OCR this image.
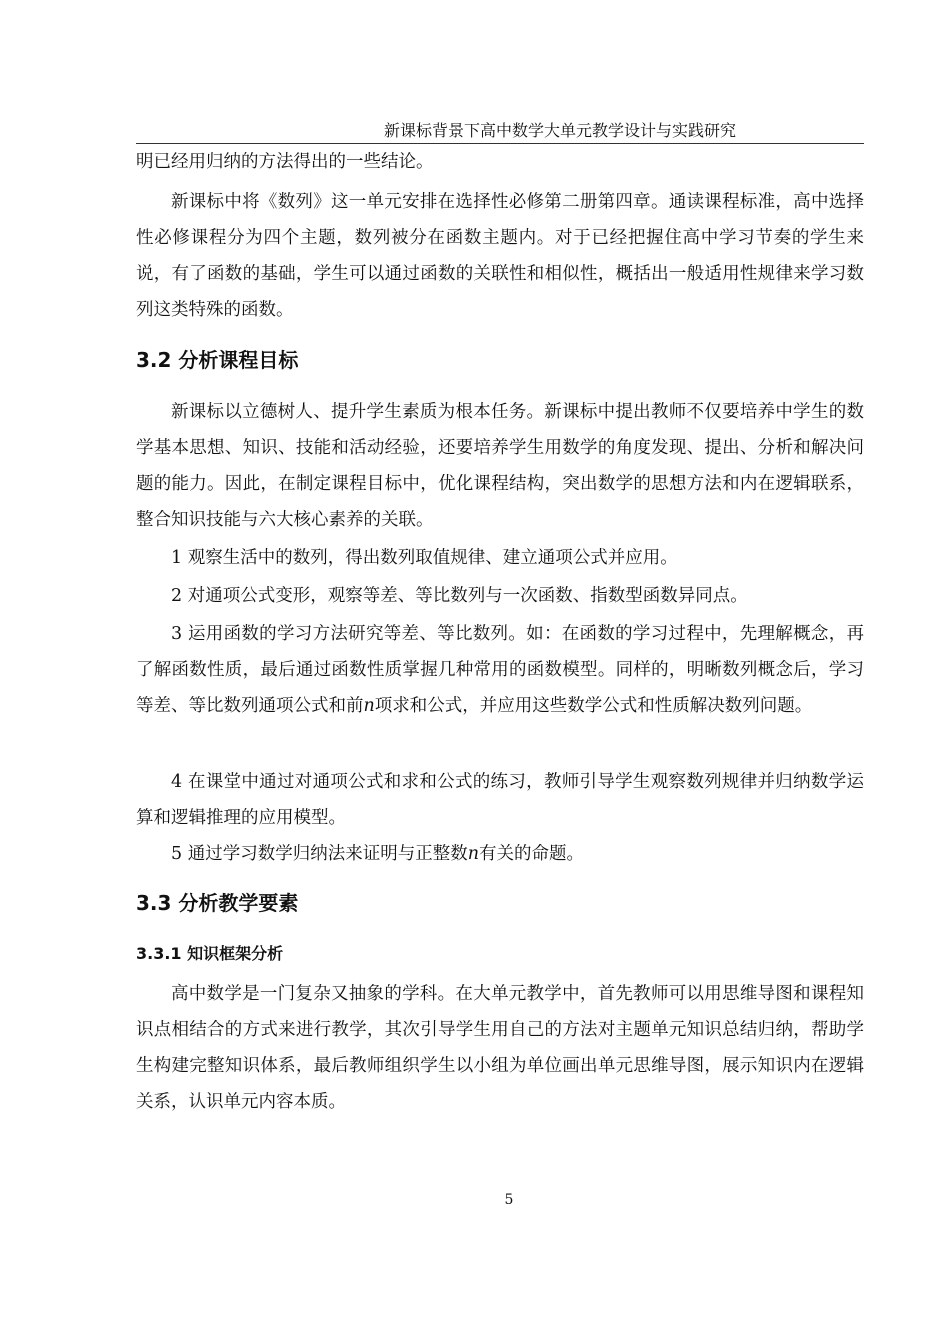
新课标背景下高中数学大单元教学设计与实践研究

明已经用归纳的方法得出的一些结论。

新课标中将《数列》这一单元安排在选择性必修第二册第四章。通读课程标准，高中选择性必修课程分为四个主题，数列被分在函数主题内。对于已经把握住高中学习节奏的学生来说，有了函数的基础，学生可以通过函数的关联性和相似性，概括出一般适用性规律来学习数列这类特殊的函数。

3.2 分析课程目标

新课标以立德树人、提升学生素质为根本任务。新课标中提出教师不仅要培养中学生的数学基本思想、知识、技能和活动经验，还要培养学生用数学的角度发现、提出、分析和解决问题的能力。因此，在制定课程目标中，优化课程结构，突出数学的思想方法和内在逻辑联系，整合知识技能与六大核心素养的关联。

1 观察生活中的数列，得出数列取值规律、建立通项公式并应用。

2 对通项公式变形，观察等差、等比数列与一次函数、指数型函数异同点。

3 运用函数的学习方法研究等差、等比数列。如：在函数的学习过程中，先理解概念，再了解函数性质，最后通过函数性质掌握几种常用的函数模型。同样的，明晰数列概念后，学习等差、等比数列通项公式和前n项求和公式，并应用这些数学公式和性质解决数列问题。

4 在课堂中通过对通项公式和求和公式的练习，教师引导学生观察数列规律并归纳数学运算和逻辑推理的应用模型。

5 通过学习数学归纳法来证明与正整数n有关的命题。

3.3 分析教学要素
3.3.1 知识框架分析

高中数学是一门复杂又抽象的学科。在大单元教学中，首先教师可以用思维导图和课程知识点相结合的方式来进行教学，其次引导学生用自己的方法对主题单元知识总结归纳，帮助学生构建完整知识体系，最后教师组织学生以小组为单位画出单元思维导图，展示知识内在逻辑关系，认识单元内容本质。

5
